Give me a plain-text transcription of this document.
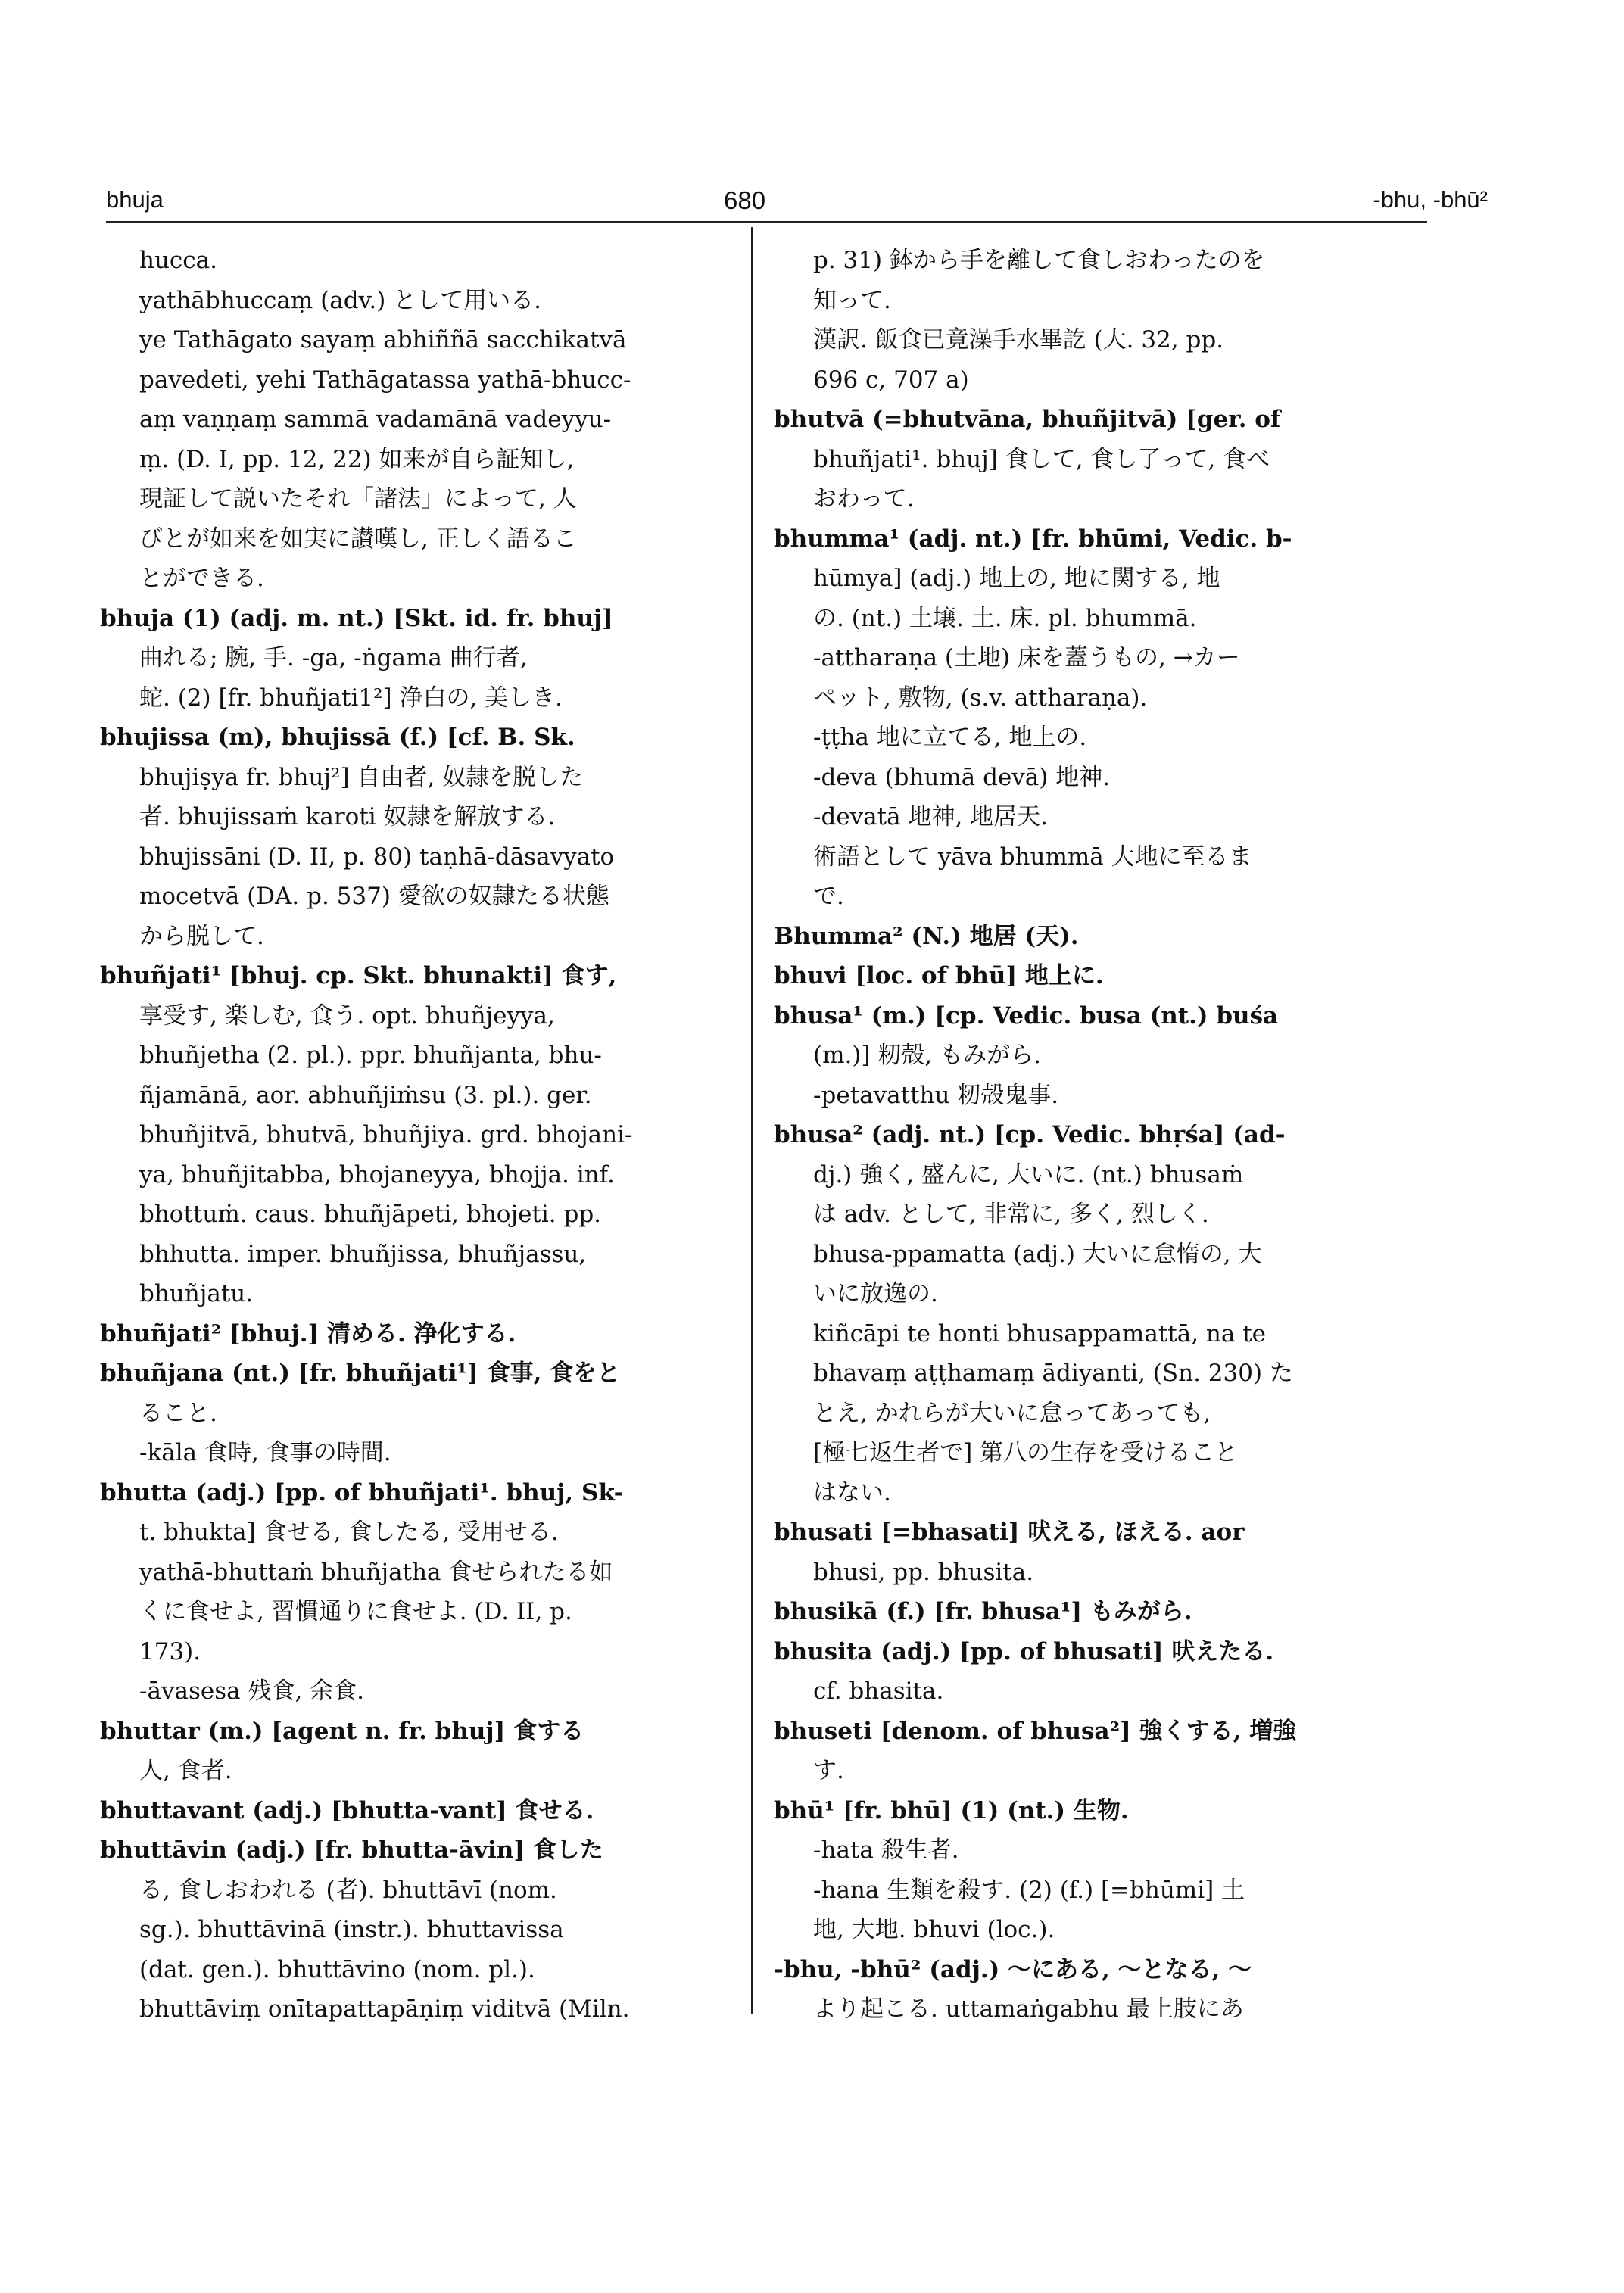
bhuja	680	-bhu, -bhū²
hucca.
yathābhuccaṃ (adv.) として用いる.
ye Tathāgato sayaṃ abhiññā sacchikatvā
pavedeti, yehi Tathāgatassa yathā-bhucc-
aṃ vaṇṇaṃ sammā vadamānā vadeyyu-
ṃ. (D. I, pp. 12, 22) 如来が自ら証知し,
現証して説いたそれ「諸法」によって, 人
びとが如来を如実に讃嘆し, 正しく語るこ
とができる.
bhuja (1) (adj. m. nt.) [Skt. id. fr. bhuj]
曲れる; 腕, 手. -ga, -ṅgama 曲行者,
蛇. (2) [fr. bhuñjati1²] 浄白の, 美しき.
bhujissa (m), bhujissā (f.) [cf. B. Sk.
bhujiṣya fr. bhuj²] 自由者, 奴隷を脱した
者. bhujissaṁ karoti 奴隷を解放する.
bhujissāni (D. II, p. 80) taṇhā-dāsavyato
mocetvā (DA. p. 537) 愛欲の奴隷たる状態
から脱して.
bhuñjati¹ [bhuj. cp. Skt. bhunakti] 食す,
享受す, 楽しむ, 食う. opt. bhuñjeyya,
bhuñjetha (2. pl.). ppr. bhuñjanta, bhu-
ñjamānā, aor. abhuñjiṁsu (3. pl.). ger.
bhuñjitvā, bhutvā, bhuñjiya. grd. bhojani-
ya, bhuñjitabba, bhojaneyya, bhojja. inf.
bhottuṁ. caus. bhuñjāpeti, bhojeti. pp.
bhhutta. imper. bhuñjissa, bhuñjassu,
bhuñjatu.
bhuñjati² [bhuj.] 清める. 浄化する.
bhuñjana (nt.) [fr. bhuñjati¹] 食事, 食をと
ること.
-kāla 食時, 食事の時間.
bhutta (adj.) [pp. of bhuñjati¹. bhuj, Sk-
t. bhukta] 食せる, 食したる, 受用せる.
yathā-bhuttaṁ bhuñjatha 食せられたる如
くに食せよ, 習慣通りに食せよ. (D. II, p.
173).
-āvasesa 残食, 余食.
bhuttar (m.) [agent n. fr. bhuj] 食する
人, 食者.
bhuttavant (adj.) [bhutta-vant] 食せる.
bhuttāvin (adj.) [fr. bhutta-āvin] 食した
る, 食しおわれる (者). bhuttāvī (nom.
sg.). bhuttāvinā (instr.). bhuttavissa
(dat. gen.). bhuttāvino (nom. pl.).
bhuttāviṃ onītapattapāṇiṃ viditvā (Miln.
p. 31) 鉢から手を離して食しおわったのを
知って.
漢訳. 飯食已竟澡手水畢訖 (大. 32, pp.
696 c, 707 a)
bhutvā (=bhutvāna, bhuñjitvā) [ger. of
bhuñjati¹. bhuj] 食して, 食し了って, 食べ
おわって.
bhumma¹ (adj. nt.) [fr. bhūmi, Vedic. b-
hūmya] (adj.) 地上の, 地に関する, 地
の. (nt.) 土壌. 土. 床. pl. bhummā.
-attharaṇa (土地) 床を蓋うもの, →カー
ペット, 敷物, (s.v. attharaṇa).
-ṭṭha 地に立てる, 地上の.
-deva (bhumā devā) 地神.
-devatā 地神, 地居天.
術語として yāva bhummā 大地に至るま
で.
Bhumma² (N.) 地居 (天).
bhuvi [loc. of bhū] 地上に.
bhusa¹ (m.) [cp. Vedic. busa (nt.) buśa
(m.)] 籾殻, もみがら.
-petavatthu 籾殻鬼事.
bhusa² (adj. nt.) [cp. Vedic. bhṛśa] (ad-
dj.) 強く, 盛んに, 大いに. (nt.) bhusaṁ
は adv. として, 非常に, 多く, 烈しく.
bhusa-ppamatta (adj.) 大いに怠惰の, 大
いに放逸の.
kiñcāpi te honti bhusappamattā, na te
bhavaṃ aṭṭhamaṃ ādiyanti, (Sn. 230) た
とえ, かれらが大いに怠ってあっても,
[極七返生者で] 第八の生存を受けること
はない.
bhusati [=bhasati] 吠える, ほえる. aor
bhusi, pp. bhusita.
bhusikā (f.) [fr. bhusa¹] もみがら.
bhusita (adj.) [pp. of bhusati] 吠えたる.
cf. bhasita.
bhuseti [denom. of bhusa²] 強くする, 増強
す.
bhū¹ [fr. bhū] (1) (nt.) 生物.
-hata 殺生者.
-hana 生類を殺す. (2) (f.) [=bhūmi] 土
地, 大地. bhuvi (loc.).
-bhu, -bhū² (adj.) 〜にある, 〜となる, 〜
より起こる. uttamaṅgabhu 最上肢にあ
